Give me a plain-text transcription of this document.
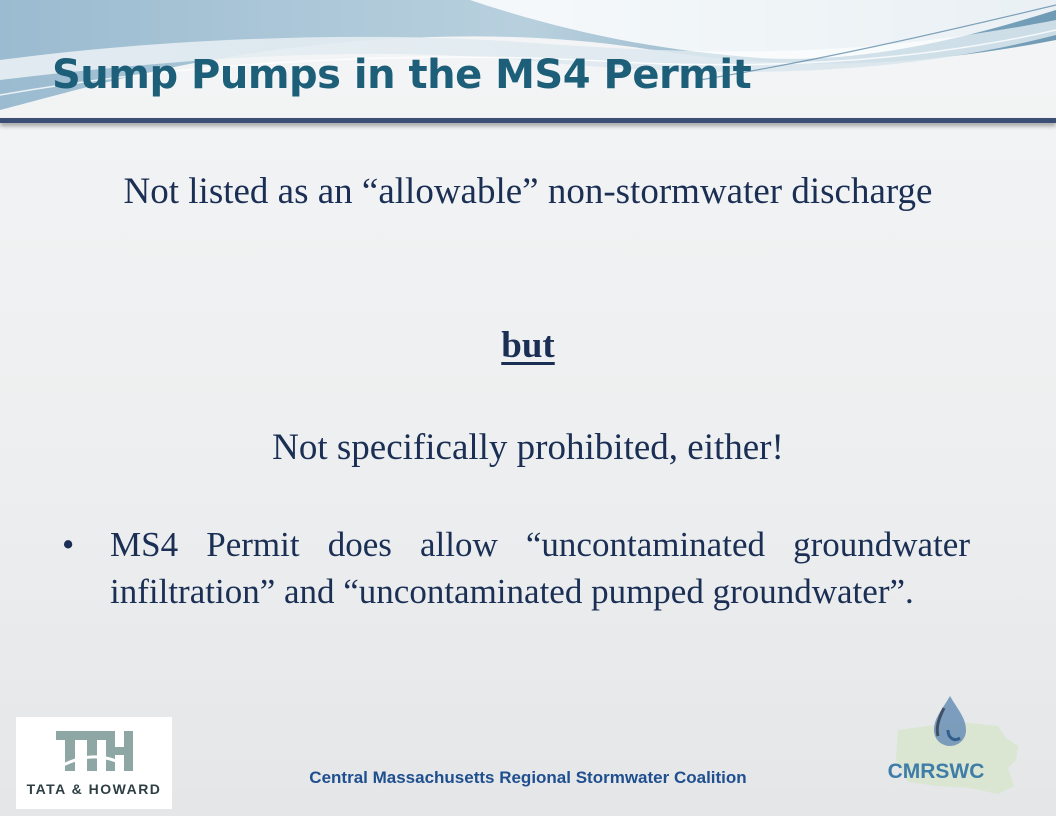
Sump Pumps in the MS4 Permit

Not listed as an “allowable” non-stormwater discharge

but

Not specifically prohibited, either!

• MS4 Permit does allow “uncontaminated groundwater infiltration” and “uncontaminated pumped groundwater”.

TATA & HOWARD
CMRSWC
Central Massachusetts Regional Stormwater Coalition
